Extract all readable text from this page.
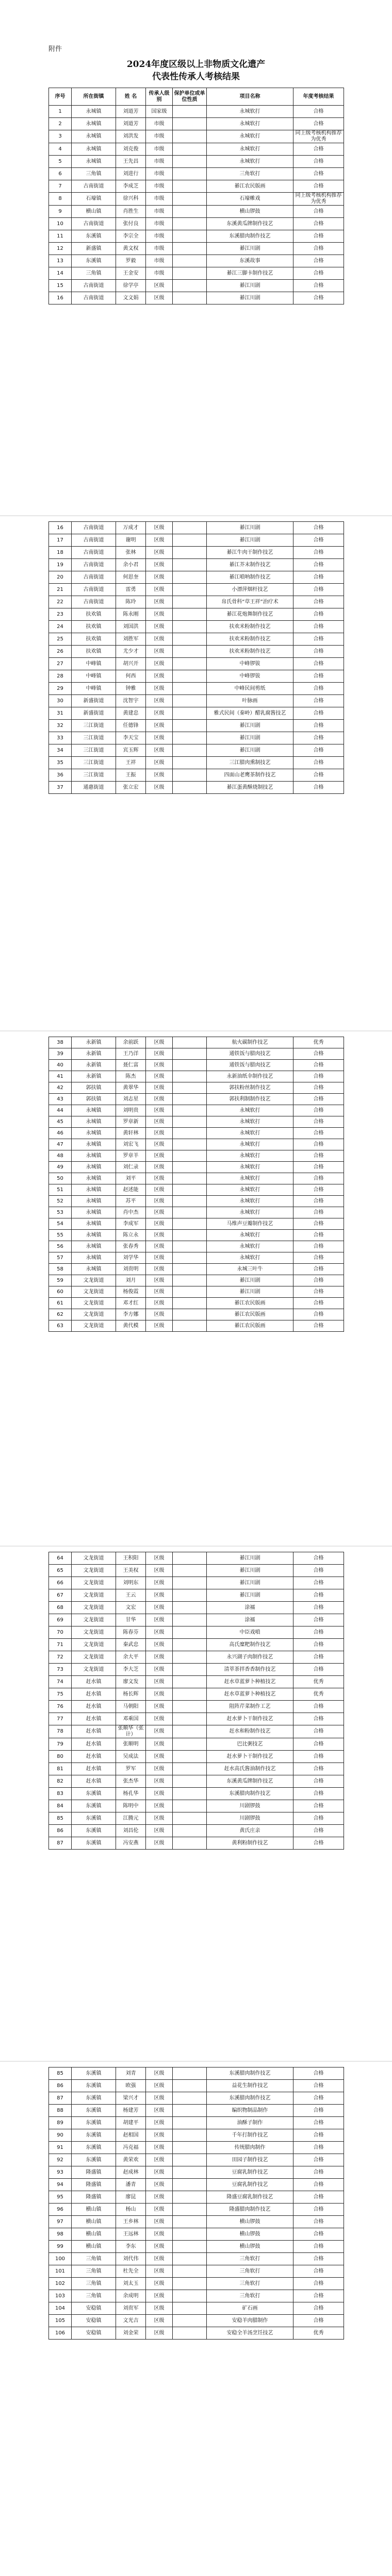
附件
2024年度区级以上非物质文化遗产
代表性传承人考核结果
序号	所在街镇	姓 名	传承人级别	保护单位或单位性质	项目名称	年度考核结果
1	永城镇	刘道芳	国家级		永城软打	合格
2	永城镇	刘道芳	市级		永城软打	合格
3	永城镇	刘洪发	市级		永城软打	同上级考核机构推荐为优秀
4	永城镇	刘克俊	市级		永城软打	合格
5	永城镇	王先昌	市级		永城软打	合格
6	三角镇	刘进行	市级		三角软打	合格
7	古南街道	李成芝	市级		綦江农民版画	合格
8	石壕镇	徐兴科	市级		石壕帷戏	同上级考核机构推荐为优秀
9	横山镇	肖胜生	市级		横山锣鼓	合格
10	古南街道	张付良	市级		东溪黄瓜牌制作技艺	合格
11	东溪镇	李宗全	市级		东溪腊肉制作技艺	合格
12	新盛镇	黄文权	市级		綦江川剧	合格
13	东溪镇	罗毅	市级		东溪故事	合格
14	三角镇	王金安	市级		綦江三脚卡制作技艺	合格
15	古南街道	徐学亭	区级		綦江川剧	合格
16	古南街道	文文娟	区级		綦江川剧	合格
16	古南街道	万成才	区级		綦江川剧	合格
17	古南街道	谢明	区级		綦江川剧	合格
18	古南街道	张林	区级		綦江牛肉干制作技艺	合格
19	古南街道	余小君	区级		綦江芥末制作技艺	合格
20	古南街道	何思奎	区级		綦江嗩呐制作技艺	合格
21	古南街道	雷勇	区级		小漂萍烟杆技艺	合格
22	古南街道	陈玲	区级		帛氏骨科“草王祥”治疗术	合格
23	扶欢镇	陈永刚	区级		綦江花炮舞制作技艺	合格
24	扶欢镇	刘国洪	区级		扶欢米粉制作技艺	合格
25	扶欢镇	刘胜军	区级		扶欢米粉制作技艺	合格
26	扶欢镇	尤少才	区级		扶欢米粉制作技艺	合格
27	中峰镇	胡兴开	区级		中峰锣钹	合格
28	中峰镇	何西	区级		中峰锣钹	合格
29	中峰镇	钟雅	区级		中峰民间剪纸	合格
30	新盛街道	沈智宇	区级		叶脉画	合格
31	新盛街道	黄建忠	区级		雅式民间（秦岭）醋乳腐酱技艺	合格
32	三江街道	任德锋	区级		綦江川剧	合格
33	三江街道	李天宝	区级		綦江川剧	合格
34	三江街道	宾玉辉	区级		綦江川剧	合格
35	三江街道	王祥	区级		三江腊肉熏制技艺	合格
36	三江街道	王振	区级		四面山老鹰茶制作技艺	合格
37	通惠街道	张立宏	区级		綦江蛋黄酥烧制技艺	合格
38	永新镇	余前跃	区级		航火碳制作技艺	优秀
39	永新镇	王乃洋	区级		通铁饭与腊肉技艺	合格
40	永新镇	聂仁富	区级		通铁饭与腊肉技艺	合格
41	永新镇	陈杰	区级		永新油纸伞制作技艺	合格
42	郭扶镇	黄翠华	区级		郭扶粉丝制作技艺	合格
43	郭扶镇	刘志星	区级		郭扶利制制作技艺	合格
44	永城镇	刘明贵	区级		永城软打	合格
45	永城镇	罗章新	区级		永城软打	合格
46	永城镇	黄轩林	区级		永城软打	合格
47	永城镇	刘宏飞	区级		永城软打	合格
48	永城镇	罗章羊	区级		永城软打	合格
49	永城镇	刘仁录	区级		永城软打	合格
50	永城镇	刘平	区级		永城软打	合格
51	永城镇	赵述能	区级		永城软打	合格
52	永城镇	苏平	区级		永城软打	合格
53	永城镇	肖中杰	区级		永城软打	合格
54	永城镇	李成军	区级		马维声豆瓣制作技艺	合格
55	永城镇	陈立永	区级		永城软打	合格
56	永城镇	张春秀	区级		永城软打	合格
57	永城镇	刘学华	区级		永城软打	合格
58	永城镇	刘贵明	区级		永城三叶牛	合格
59	文龙街道	刘月	区级		綦江川剧	合格
60	文龙街道	杨俊霞	区级		綦江川剧	合格
61	文龙街道	邓才红	区级		綦江农民版画	合格
62	文龙街道	李方娜	区级		綦江农民版画	合格
63	文龙街道	黄代模	区级		綦江农民版画	合格
64	文龙街道	王积阳	区级		綦江川剧	合格
65	文龙街道	王美权	区级		綦江川剧	合格
66	文龙街道	刘明东	区级		綦江川剧	合格
67	文龙街道	王云	区级		綦江川剧	合格
68	文龙街道	文宏	区级		涂襦	合格
69	文龙街道	甘华	区级		涂襦	合格
70	文龙街道	陈春芬	区级		中臣戏嗩	合格
71	文龙街道	秦武忠	区级		高氏糜粑制作技艺	合格
72	文龙街道	余大平	区级		永兴湖子肉制作技艺	合格
73	文龙街道	李大芝	区级		清萃茶拌香香制作技艺	合格
74	赶水镇	廖文发	区级		赶水草蓝萝卜种植技艺	优秀
75	赶水镇	杨长辉	区级		赶水草蓝萝卜种植技艺	优秀
76	赶水镇	马朝阳	区级		阻阵芹菜制作工艺	合格
77	赶水镇	邓乘国	区级		赶水萝卜干制作技艺	合格
78	赶水镇	张顺华（张计）	区级		赶水和粉制作技艺	合格
79	赶水镇	张顺明	区级		巴比粥技艺	合格
80	赶水镇	吴成法	区级		赶水萝卜干制作技艺	合格
81	赶水镇	罗军	区级		赶水高氏酱油制作技艺	合格
82	赶水镇	张杰华	区级		东溪黄瓜牌制作技艺	合格
83	东溪镇	杨孔华	区级		东溪腊肉制作技艺	合格
84	东溪镇	陈明中	区级		川剧锣鼓	合格
85	东溪镇	江腾元	区级		川剧锣鼓	合格
86	东溪镇	刘昌伦	区级		黄氏庄亲	合格
87	东溪镇	冯安燕	区级		黄利粉制作技艺	合格
85	东溪镇	刘青	区级		东溪腊肉制作技艺	合格
86	东溪镇	欧强	区级		益花生制作技艺	合格
87	东溪镇	梁兴才	区级		东溪腊肉制作技艺	合格
88	东溪镇	杨建芳	区级		编织物制品制作	合格
89	东溪镇	胡建平	区级		油酥子制作	合格
90	东溪镇	赵相国	区级		千年打制作技艺	合格
91	东溪镇	冯克福	区级		传统腊肉制作	合格
92	东溪镇	黄荣欢	区级		田园子制作技艺	合格
93	隆盛镇	赵成林	区级		豆腐乳制作技艺	合格
94	隆盛镇	潘青	区级		豆腐乳制作技艺	合格
95	隆盛镇	廖昆	区级		隆盛豆腐乳制作技艺	合格
96	横山镇	杨山	区级		隆盛腊肉制作技艺	合格
97	横山镇	王乡林	区级		横山锣鼓	合格
98	横山镇	王远林	区级		横山锣鼓	合格
99	横山镇	李东	区级		横山锣鼓	合格
100	三角镇	刘代伟	区级		三角软打	合格
101	三角镇	杜先全	区级		三角软打	合格
102	三角镇	刘太玉	区级		三角软打	合格
103	三角镇	余成明	区级		三角软打	合格
104	安稳镇	刘贵军	区级		矿石画	合格
105	安稳镇	文光吉	区级		安稳羊肉腊制作	合格
106	安稳镇	刘金荣	区级		安稳全羊汤烹饪技艺	优秀
